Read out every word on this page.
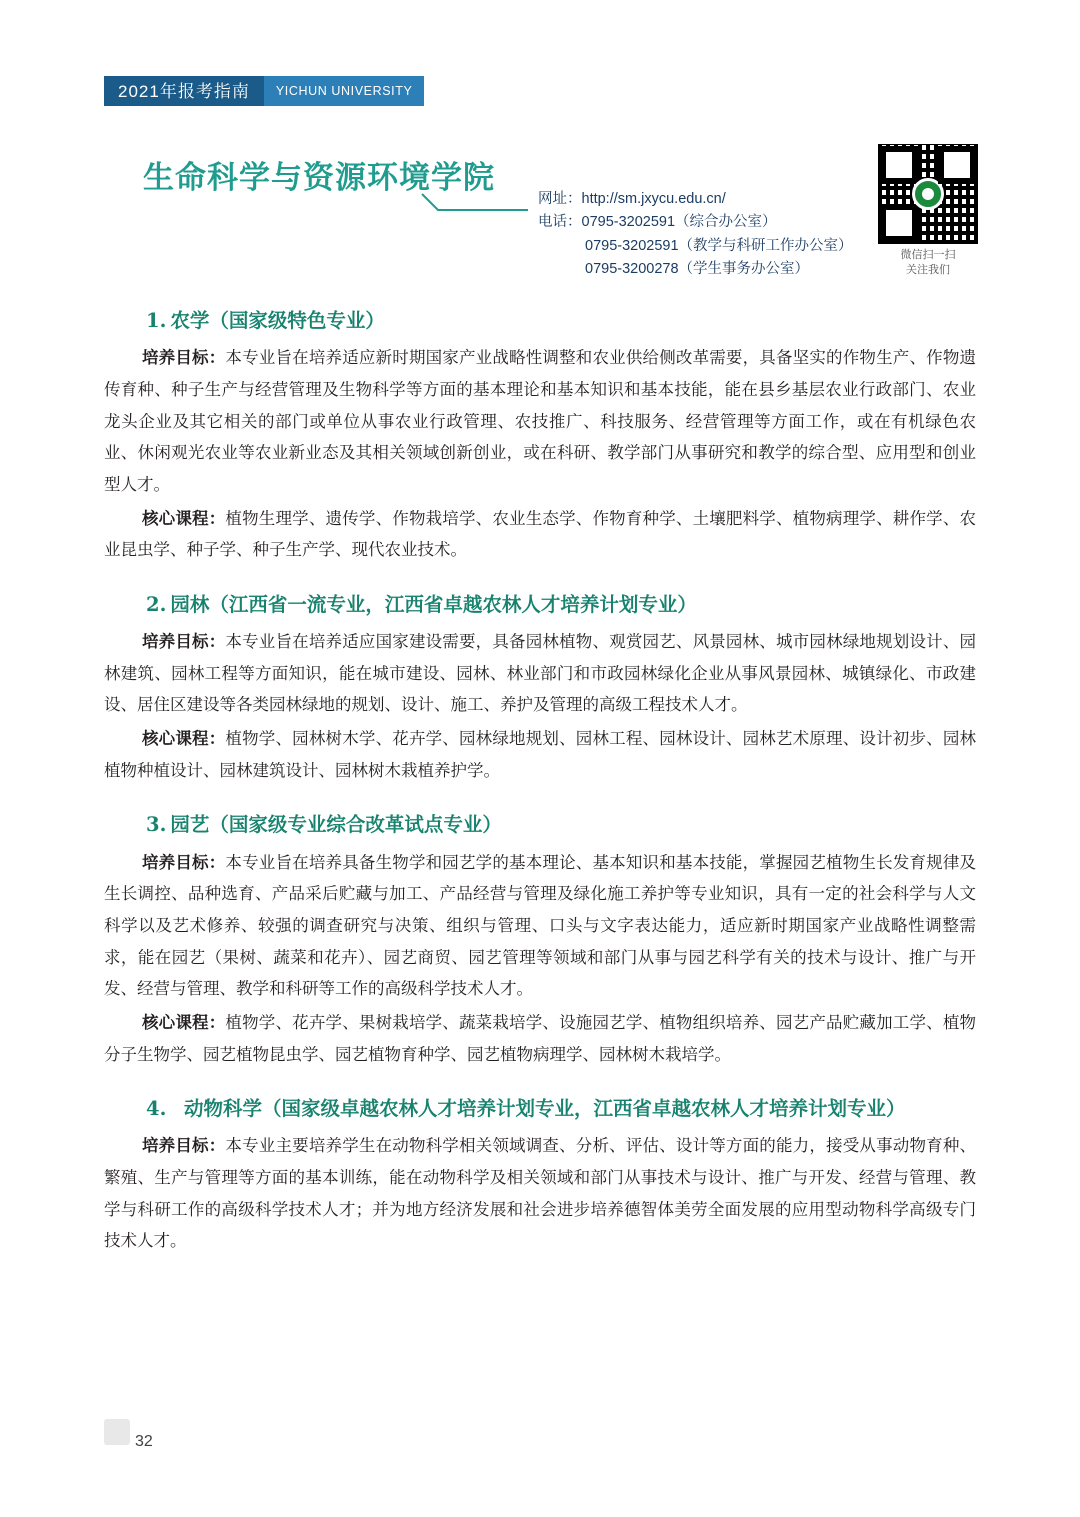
2021年报考指南	YICHUN UNIVERSITY
生命科学与资源环境学院
网址：http://sm.jxycu.edu.cn/
电话：0795-3202591（综合办公室）
0795-3202591（教学与科研工作办公室）
0795-3200278（学生事务办公室）
微信扫一扫
关注我们
1. 农学（国家级特色专业）

培养目标：本专业旨在培养适应新时期国家产业战略性调整和农业供给侧改革需要，具备坚实的作物生产、作物遗传育种、种子生产与经营管理及生物科学等方面的基本理论和基本知识和基本技能，能在县乡基层农业行政部门、农业龙头企业及其它相关的部门或单位从事农业行政管理、农技推广、科技服务、经营管理等方面工作，或在有机绿色农业、休闲观光农业等农业新业态及其相关领域创新创业，或在科研、教学部门从事研究和教学的综合型、应用型和创业型人才。

核心课程：植物生理学、遗传学、作物栽培学、农业生态学、作物育种学、土壤肥料学、植物病理学、耕作学、农业昆虫学、种子学、种子生产学、现代农业技术。

2. 园林（江西省一流专业，江西省卓越农林人才培养计划专业）

培养目标：本专业旨在培养适应国家建设需要，具备园林植物、观赏园艺、风景园林、城市园林绿地规划设计、园林建筑、园林工程等方面知识，能在城市建设、园林、林业部门和市政园林绿化企业从事风景园林、城镇绿化、市政建设、居住区建设等各类园林绿地的规划、设计、施工、养护及管理的高级工程技术人才。

核心课程：植物学、园林树木学、花卉学、园林绿地规划、园林工程、园林设计、园林艺术原理、设计初步、园林植物种植设计、园林建筑设计、园林树木栽植养护学。

3. 园艺（国家级专业综合改革试点专业）

培养目标：本专业旨在培养具备生物学和园艺学的基本理论、基本知识和基本技能，掌握园艺植物生长发育规律及生长调控、品种选育、产品采后贮藏与加工、产品经营与管理及绿化施工养护等专业知识，具有一定的社会科学与人文科学以及艺术修养、较强的调查研究与决策、组织与管理、口头与文字表达能力，适应新时期国家产业战略性调整需求，能在园艺（果树、蔬菜和花卉）、园艺商贸、园艺管理等领域和部门从事与园艺科学有关的技术与设计、推广与开发、经营与管理、教学和科研等工作的高级科学技术人才。

核心课程：植物学、花卉学、果树栽培学、蔬菜栽培学、设施园艺学、植物组织培养、园艺产品贮藏加工学、植物分子生物学、园艺植物昆虫学、园艺植物育种学、园艺植物病理学、园林树木栽培学。

4. 动物科学（国家级卓越农林人才培养计划专业，江西省卓越农林人才培养计划专业）

培养目标：本专业主要培养学生在动物科学相关领域调查、分析、评估、设计等方面的能力，接受从事动物育种、繁殖、生产与管理等方面的基本训练，能在动物科学及相关领域和部门从事技术与设计、推广与开发、经营与管理、教学与科研工作的高级科学技术人才；并为地方经济发展和社会进步培养德智体美劳全面发展的应用型动物科学高级专门技术人才。

32
